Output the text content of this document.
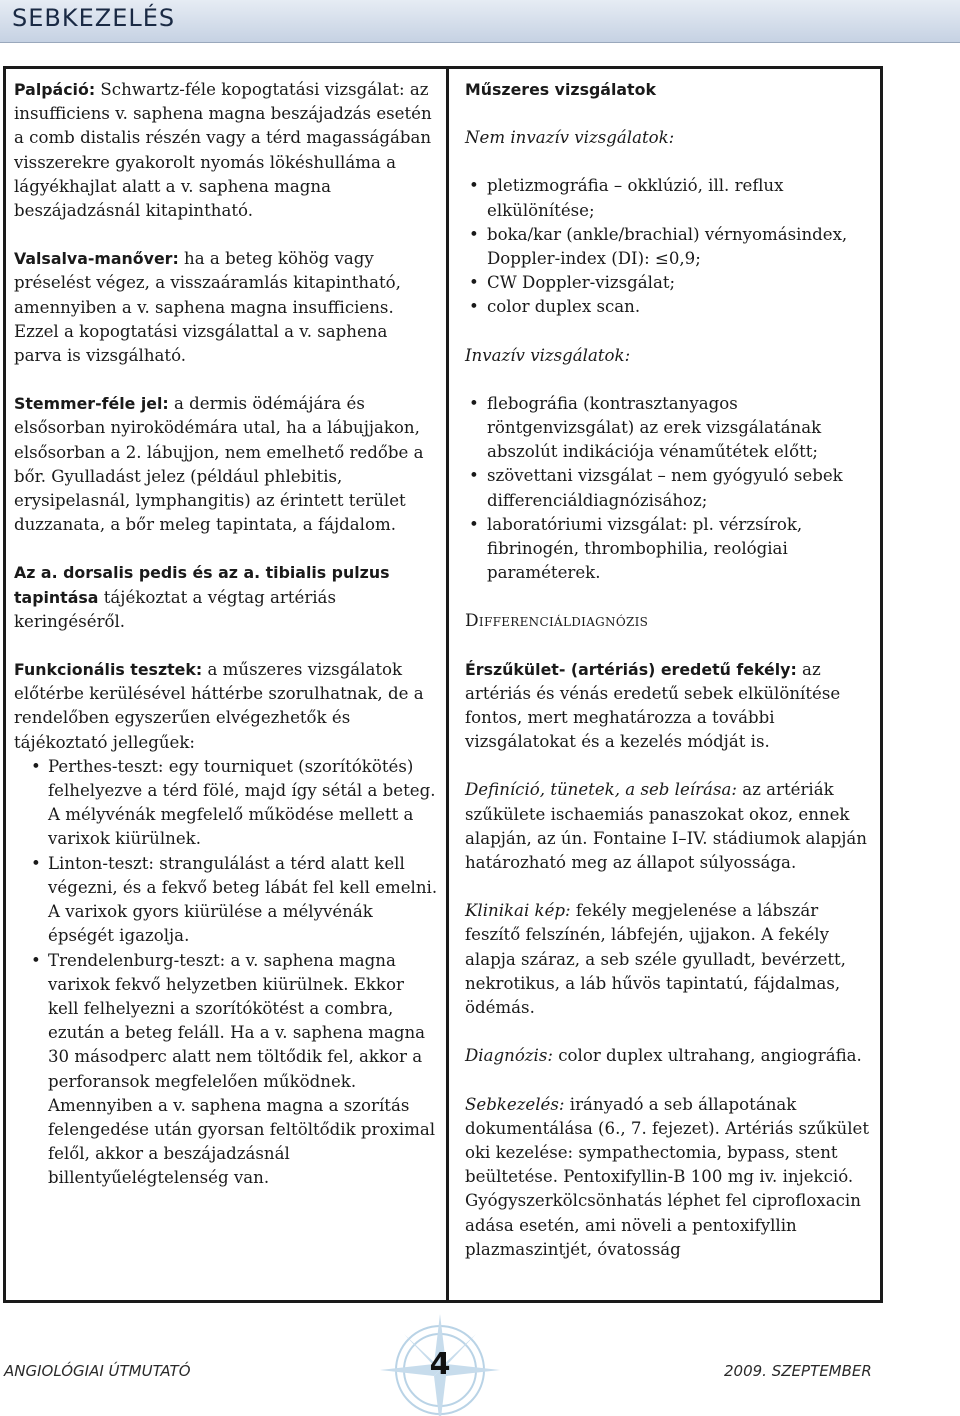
SEBKEZELÉS

Palpáció: Schwartz-féle kopogtatási vizsgálat: az insufficiens v. saphena magna beszájadzás esetén a comb distalis részén vagy a térd magasságában visszerekre gyakorolt nyomás lökéshulláma a lágyékhajlat alatt a v. saphena magna beszájadzásnál kitapintható.

Valsalva-manőver: ha a beteg köhög vagy préselést végez, a visszaáramlás kitapintható, amennyiben a v. saphena magna insufficiens. Ezzel a kopogtatási vizsgálattal a v. saphena parva is vizsgálható.

Stemmer-féle jel: a dermis ödémájára és elsősorban nyiroködémára utal, ha a lábujjakon, elsősorban a 2. lábujjon, nem emelhető redőbe a bőr. Gyulladást jelez (például phlebitis, erysipelasnál, lymphangitis) az érintett terület duzzanata, a bőr meleg tapintata, a fájdalom.

Az a. dorsalis pedis és az a. tibialis pulzus tapintása tájékoztat a végtag artériás keringéséről.

Funkcionális tesztek: a műszeres vizsgálatok előtérbe kerülésével háttérbe szorulhatnak, de a rendelőben egyszerűen elvégezhetők és tájékoztató jellegűek:
• Perthes-teszt: egy tourniquet (szorítókötés) felhelyezve a térd fölé, majd így sétál a beteg. A mélyvénák megfelelő működése mellett a varixok kiürülnek.
• Linton-teszt: strangulálást a térd alatt kell végezni, és a fekvő beteg lábát fel kell emelni. A varixok gyors kiürülése a mélyvénák épségét igazolja.
• Trendelenburg-teszt: a v. saphena magna varixok fekvő helyzetben kiürülnek. Ekkor kell felhelyezni a szorítókötést a combra, ezután a beteg feláll. Ha a v. saphena magna 30 másodperc alatt nem töltődik fel, akkor a perforansok megfelelően működnek. Amennyiben a v. saphena magna a szorítás felengedése után gyorsan feltöltődik proximal felől, akkor a beszájadzásnál billentyűelégtelenség van.
Műszeres vizsgálatok
Nem invazív vizsgálatok:
• pletizmográfia – okklúzió, ill. reflux elkülönítése;
• boka/kar (ankle/brachial) vérnyomásindex, Doppler-index (DI): ≤0,9;
• CW Doppler-vizsgálat;
• color duplex scan.
Invazív vizsgálatok:
• flebográfia (kontrasztanyagos röntgenvizsgálat) az erek vizsgálatának abszolút indikációja vénaműtétek előtt;
• szövettani vizsgálat – nem gyógyuló sebek differenciáldiagnózisához;
• laboratóriumi vizsgálat: pl. vérzsírok, fibrinogén, thrombophilia, reológiai paraméterek.
Differenciáldiagnózis

Érszűkület- (artériás) eredetű fekély: az artériás és vénás eredetű sebek elkülönítése fontos, mert meghatározza a további vizsgálatokat és a kezelés módját is.

Definíció, tünetek, a seb leírása: az artériák szűkülete ischaemiás panaszokat okoz, ennek alapján, az ún. Fontaine I–IV. stádiumok alapján határozható meg az állapot súlyossága.

Klinikai kép: fekély megjelenése a lábszár feszítő felszínén, lábfején, ujjakon. A fekély alapja száraz, a seb széle gyulladt, bevérzett, nekrotikus, a láb hűvös tapintatú, fájdalmas, ödémás.

Diagnózis: color duplex ultrahang, angiográfia.

Sebkezelés: irányadó a seb állapotának dokumentálása (6., 7. fejezet). Artériás szűkület oki kezelése: sympathectomia, bypass, stent beültetése. Pentoxifyllin-B 100 mg iv. injekció. Gyógyszerkölcsönhatás léphet fel ciprofloxacin adása esetén, ami növeli a pentoxifyllin plazmaszintjét, óvatosság

4
ANGIOLÓGIAI ÚTMUTATÓ	2009. SZEPTEMBER
